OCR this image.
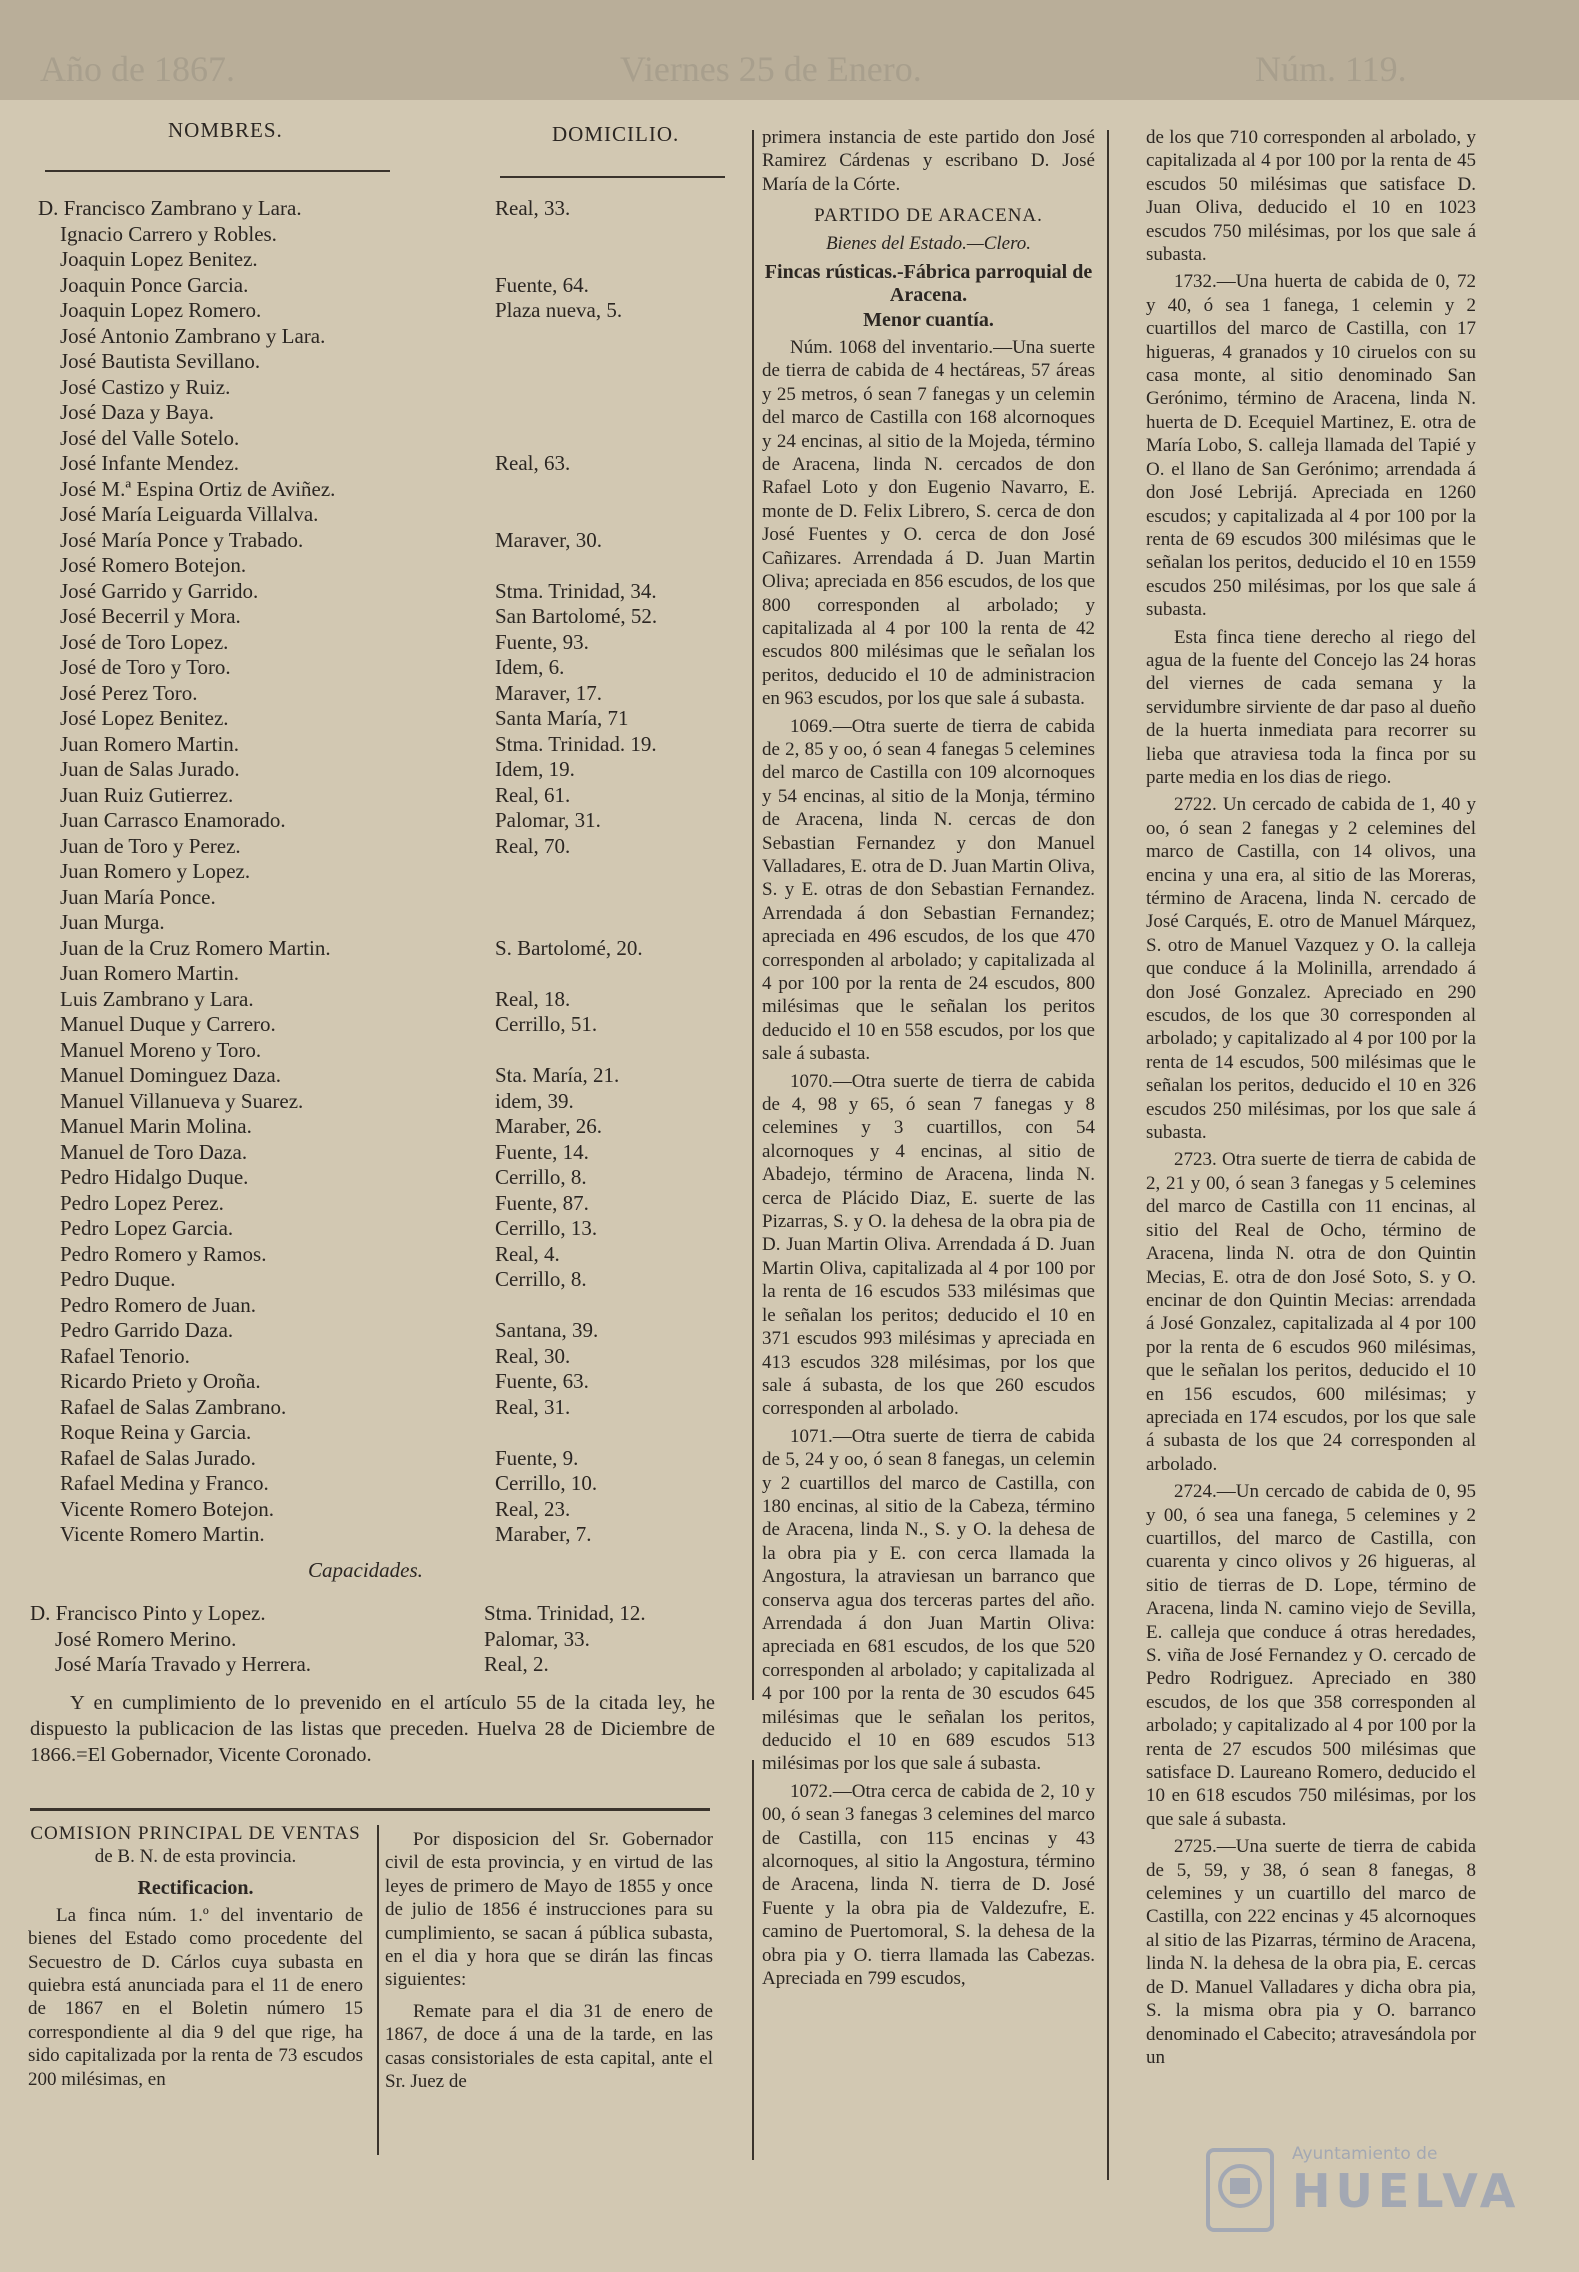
Año de 1867.	Viernes 25 de Enero.	Núm. 119.
NOMBRES.	DOMICILIO.
D. Francisco Zambrano y Lara.	Real, 33.
Ignacio Carrero y Robles.
Joaquin Lopez Benitez.
Joaquin Ponce Garcia.	Fuente, 64.
Joaquin Lopez Romero.	Plaza nueva, 5.
José Antonio Zambrano y Lara.
José Bautista Sevillano.
José Castizo y Ruiz.
José Daza y Baya.
José del Valle Sotelo.
José Infante Mendez.	Real, 63.
José M.ª Espina Ortiz de Aviñez.
José María Leiguarda Villalva.
José María Ponce y Trabado.	Maraver, 30.
José Romero Botejon.
José Garrido y Garrido.	Stma. Trinidad, 34.
José Becerril y Mora.	San Bartolomé, 52.
José de Toro Lopez.	Fuente, 93.
José de Toro y Toro.	Idem, 6.
José Perez Toro.	Maraver, 17.
José Lopez Benitez.	Santa María, 71
Juan Romero Martin.	Stma. Trinidad. 19.
Juan de Salas Jurado.	Idem, 19.
Juan Ruiz Gutierrez.	Real, 61.
Juan Carrasco Enamorado.	Palomar, 31.
Juan de Toro y Perez.	Real, 70.
Juan Romero y Lopez.
Juan María Ponce.
Juan Murga.
Juan de la Cruz Romero Martin.	S. Bartolomé, 20.
Juan Romero Martin.
Luis Zambrano y Lara.	Real, 18.
Manuel Duque y Carrero.	Cerrillo, 51.
Manuel Moreno y Toro.
Manuel Dominguez Daza.	Sta. María, 21.
Manuel Villanueva y Suarez.	idem, 39.
Manuel Marin Molina.	Maraber, 26.
Manuel de Toro Daza.	Fuente, 14.
Pedro Hidalgo Duque.	Cerrillo, 8.
Pedro Lopez Perez.	Fuente, 87.
Pedro Lopez Garcia.	Cerrillo, 13.
Pedro Romero y Ramos.	Real, 4.
Pedro Duque.	Cerrillo, 8.
Pedro Romero de Juan.
Pedro Garrido Daza.	Santana, 39.
Rafael Tenorio.	Real, 30.
Ricardo Prieto y Oroña.	Fuente, 63.
Rafael de Salas Zambrano.	Real, 31.
Roque Reina y Garcia.
Rafael de Salas Jurado.	Fuente, 9.
Rafael Medina y Franco.	Cerrillo, 10.
Vicente Romero Botejon.	Real, 23.
Vicente Romero Martin.	Maraber, 7.
Capacidades.
D. Francisco Pinto y Lopez.	Stma. Trinidad, 12.
José Romero Merino.	Palomar, 33.
José María Travado y Herrera.	Real, 2.

Y en cumplimiento de lo prevenido en el artículo 55 de la citada ley, he dispuesto la publicacion de las listas que preceden. Huelva 28 de Diciembre de 1866.=El Gobernador, Vicente Coronado.

COMISION PRINCIPAL DE VENTAS

de B. N. de esta provincia.

Rectificacion.

La finca núm. 1.º del inventario de bienes del Estado como procedente del Secuestro de D. Cárlos cuya subasta en quiebra está anunciada para el 11 de enero de 1867 en el Boletin número 15 correspondiente al dia 9 del que rige, ha sido capitalizada por la renta de 73 escudos 200 milésimas, en

Por disposicion del Sr. Gobernador civil de esta provincia, y en virtud de las leyes de primero de Mayo de 1855 y once de julio de 1856 é instrucciones para su cumplimiento, se sacan á pública subasta, en el dia y hora que se dirán las fincas siguientes:

Remate para el dia 31 de enero de 1867, de doce á una de la tarde, en las casas consistoriales de esta capital, ante el Sr. Juez de

primera instancia de este partido don José Ramirez Cárdenas y escribano D. José María de la Córte.

PARTIDO DE ARACENA.

Bienes del Estado.—Clero.

Fincas rústicas.-Fábrica parroquial de Aracena.

Menor cuantía.

Núm. 1068 del inventario.—Una suerte de tierra de cabida de 4 hectáreas, 57 áreas y 25 metros, ó sean 7 fanegas y un celemin del marco de Castilla con 168 alcornoques y 24 encinas, al sitio de la Mojeda, término de Aracena, linda N. cercados de don Rafael Loto y don Eugenio Navarro, E. monte de D. Felix Librero, S. cerca de don José Fuentes y O. cerca de don José Cañizares. Arrendada á D. Juan Martin Oliva; apreciada en 856 escudos, de los que 800 corresponden al arbolado; y capitalizada al 4 por 100 la renta de 42 escudos 800 milésimas que le señalan los peritos, deducido el 10 de administracion en 963 escudos, por los que sale á subasta.

1069.—Otra suerte de tierra de cabida de 2, 85 y oo, ó sean 4 fanegas 5 celemines del marco de Castilla con 109 alcornoques y 54 encinas, al sitio de la Monja, término de Aracena, linda N. cercas de don Sebastian Fernandez y don Manuel Valladares, E. otra de D. Juan Martin Oliva, S. y E. otras de don Sebastian Fernandez. Arrendada á don Sebastian Fernandez; apreciada en 496 escudos, de los que 470 corresponden al arbolado; y capitalizada al 4 por 100 por la renta de 24 escudos, 800 milésimas que le señalan los peritos deducido el 10 en 558 escudos, por los que sale á subasta.

1070.—Otra suerte de tierra de cabida de 4, 98 y 65, ó sean 7 fanegas y 8 celemines y 3 cuartillos, con 54 alcornoques y 4 encinas, al sitio de Abadejo, término de Aracena, linda N. cerca de Plácido Diaz, E. suerte de las Pizarras, S. y O. la dehesa de la obra pia de D. Juan Martin Oliva. Arrendada á D. Juan Martin Oliva, capitalizada al 4 por 100 por la renta de 16 escudos 533 milésimas que le señalan los peritos; deducido el 10 en 371 escudos 993 milésimas y apreciada en 413 escudos 328 milésimas, por los que sale á subasta, de los que 260 escudos corresponden al arbolado.

1071.—Otra suerte de tierra de cabida de 5, 24 y oo, ó sean 8 fanegas, un celemin y 2 cuartillos del marco de Castilla, con 180 encinas, al sitio de la Cabeza, término de Aracena, linda N., S. y O. la dehesa de la obra pia y E. con cerca llamada la Angostura, la atraviesan un barranco que conserva agua dos terceras partes del año. Arrendada á don Juan Martin Oliva: apreciada en 681 escudos, de los que 520 corresponden al arbolado; y capitalizada al 4 por 100 por la renta de 30 escudos 645 milésimas que le señalan los peritos, deducido el 10 en 689 escudos 513 milésimas por los que sale á subasta.

1072.—Otra cerca de cabida de 2, 10 y 00, ó sean 3 fanegas 3 celemines del marco de Castilla, con 115 encinas y 43 alcornoques, al sitio la Angostura, término de Aracena, linda N. tierra de D. José Fuente y la obra pia de Valdezufre, E. camino de Puertomoral, S. la dehesa de la obra pia y O. tierra llamada las Cabezas. Apreciada en 799 escudos,

de los que 710 corresponden al arbolado, y capitalizada al 4 por 100 por la renta de 45 escudos 50 milésimas que satisface D. Juan Oliva, deducido el 10 en 1023 escudos 750 milésimas, por los que sale á subasta.

1732.—Una huerta de cabida de 0, 72 y 40, ó sea 1 fanega, 1 celemin y 2 cuartillos del marco de Castilla, con 17 higueras, 4 granados y 10 ciruelos con su casa monte, al sitio denominado San Gerónimo, término de Aracena, linda N. huerta de D. Ecequiel Martinez, E. otra de María Lobo, S. calleja llamada del Tapié y O. el llano de San Gerónimo; arrendada á don José Lebrijá. Apreciada en 1260 escudos; y capitalizada al 4 por 100 por la renta de 69 escudos 300 milésimas que le señalan los peritos, deducido el 10 en 1559 escudos 250 milésimas, por los que sale á subasta.

Esta finca tiene derecho al riego del agua de la fuente del Concejo las 24 horas del viernes de cada semana y la servidumbre sirviente de dar paso al dueño de la huerta inmediata para recorrer su lieba que atraviesa toda la finca por su parte media en los dias de riego.

2722. Un cercado de cabida de 1, 40 y oo, ó sean 2 fanegas y 2 celemines del marco de Castilla, con 14 olivos, una encina y una era, al sitio de las Moreras, término de Aracena, linda N. cercado de José Carqués, E. otro de Manuel Márquez, S. otro de Manuel Vazquez y O. la calleja que conduce á la Molinilla, arrendado á don José Gonzalez. Apreciado en 290 escudos, de los que 30 corresponden al arbolado; y capitalizado al 4 por 100 por la renta de 14 escudos, 500 milésimas que le señalan los peritos, deducido el 10 en 326 escudos 250 milésimas, por los que sale á subasta.

2723. Otra suerte de tierra de cabida de 2, 21 y 00, ó sean 3 fanegas y 5 celemines del marco de Castilla con 11 encinas, al sitio del Real de Ocho, término de Aracena, linda N. otra de don Quintin Mecias, E. otra de don José Soto, S. y O. encinar de don Quintin Mecias: arrendada á José Gonzalez, capitalizada al 4 por 100 por la renta de 6 escudos 960 milésimas, que le señalan los peritos, deducido el 10 en 156 escudos, 600 milésimas; y apreciada en 174 escudos, por los que sale á subasta de los que 24 corresponden al arbolado.

2724.—Un cercado de cabida de 0, 95 y 00, ó sea una fanega, 5 celemines y 2 cuartillos, del marco de Castilla, con cuarenta y cinco olivos y 26 higueras, al sitio de tierras de D. Lope, término de Aracena, linda N. camino viejo de Sevilla, E. calleja que conduce á otras heredades, S. viña de José Fernandez y O. cercado de Pedro Rodriguez. Apreciado en 380 escudos, de los que 358 corresponden al arbolado; y capitalizado al 4 por 100 por la renta de 27 escudos 500 milésimas que satisface D. Laureano Romero, deducido el 10 en 618 escudos 750 milésimas, por los que sale á subasta.

2725.—Una suerte de tierra de cabida de 5, 59, y 38, ó sean 8 fanegas, 8 celemines y un cuartillo del marco de Castilla, con 222 encinas y 45 alcornoques al sitio de las Pizarras, término de Aracena, linda N. la dehesa de la obra pia, E. cercas de D. Manuel Valladares y dicha obra pia, S. la misma obra pia y O. barranco denominado el Cabecito; atravesándola por un

Ayuntamiento de
HUELVA
